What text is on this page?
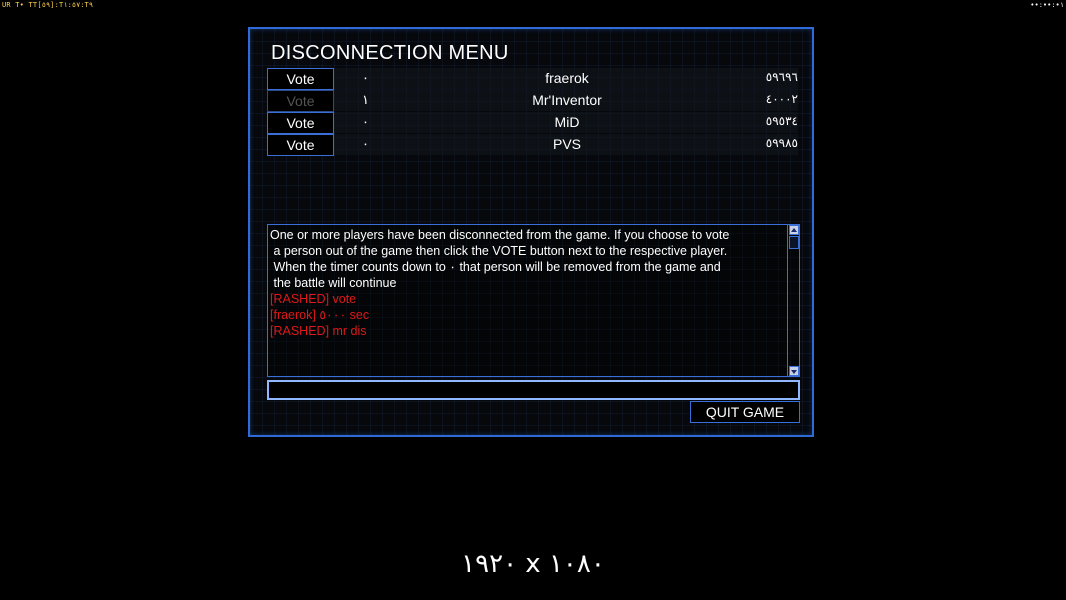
UR T• TT[٥٩]:T١:٥٧:T٩	••:••:•١
DISCONNECTION MENU
Vote	٠	fraerok	٥٩٦٩٦
Vote	١	Mr'Inventor	٤٠٠٠٢
Vote	٠	MiD	٥٩٥٣٤
Vote	٠	PVS	٥٩٩٨٥
One or more players have been disconnected from the game. If you choose to vote
a person out of the game then click the VOTE button next to the respective player.
When the timer counts down to ٠ that person will be removed from the game and
the battle will continue
[RASHED] vote
[fraerok] ٥٠٠٠ sec
[RASHED] mr dis
QUIT GAME
١٩٢٠ x ١٠٨٠
